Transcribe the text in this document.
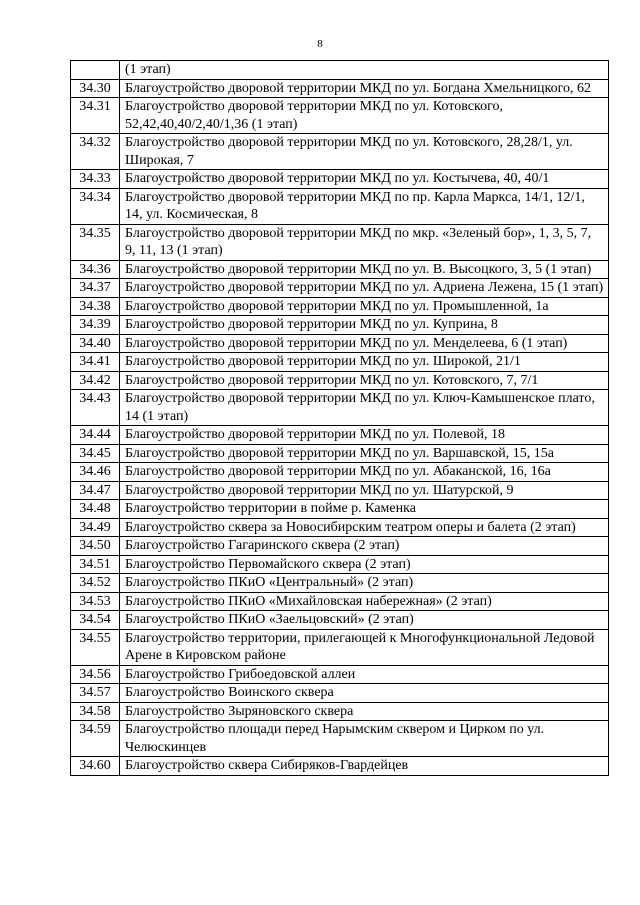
8
	(1 этап)
34.30	Благоустройство дворовой территории МКД по ул. Богдана Хмельницкого, 62
34.31	Благоустройство дворовой территории МКД по ул. Котовского, 52,42,40,40/2,40/1,36 (1 этап)
34.32	Благоустройство дворовой территории МКД по ул. Котовского, 28,28/1, ул. Широкая, 7
34.33	Благоустройство дворовой территории МКД по ул. Костычева, 40, 40/1
34.34	Благоустройство дворовой территории МКД по пр. Карла Маркса, 14/1, 12/1, 14, ул. Космическая, 8
34.35	Благоустройство дворовой территории МКД по мкр. «Зеленый бор», 1, 3, 5, 7, 9, 11, 13 (1 этап)
34.36	Благоустройство дворовой территории МКД по ул. В. Высоцкого, 3, 5 (1 этап)
34.37	Благоустройство дворовой территории МКД по ул. Адриена Лежена, 15 (1 этап)
34.38	Благоустройство дворовой территории МКД по ул. Промышленной, 1а
34.39	Благоустройство дворовой территории МКД по ул. Куприна, 8
34.40	Благоустройство дворовой территории МКД по ул. Менделеева, 6 (1 этап)
34.41	Благоустройство дворовой территории МКД по ул. Широкой, 21/1
34.42	Благоустройство дворовой территории МКД по ул. Котовского, 7, 7/1
34.43	Благоустройство дворовой территории МКД по ул. Ключ-Камышенское плато, 14 (1 этап)
34.44	Благоустройство дворовой территории МКД по ул. Полевой, 18
34.45	Благоустройство дворовой территории МКД по ул. Варшавской, 15, 15а
34.46	Благоустройство дворовой территории МКД по ул. Абаканской, 16, 16а
34.47	Благоустройство дворовой территории МКД по ул. Шатурской, 9
34.48	Благоустройство территории в пойме р. Каменка
34.49	Благоустройство сквера за Новосибирским театром оперы и балета (2 этап)
34.50	Благоустройство Гагаринского сквера (2 этап)
34.51	Благоустройство Первомайского сквера (2 этап)
34.52	Благоустройство ПКиО «Центральный» (2 этап)
34.53	Благоустройство ПКиО «Михайловская набережная» (2 этап)
34.54	Благоустройство ПКиО «Заельцовский» (2 этап)
34.55	Благоустройство территории, прилегающей к Многофункциональной Ледовой Арене в Кировском районе
34.56	Благоустройство Грибоедовской аллеи
34.57	Благоустройство Воинского сквера
34.58	Благоустройство Зыряновского сквера
34.59	Благоустройство площади перед Нарымским сквером и Цирком по ул. Челюскинцев
34.60	Благоустройство сквера Сибиряков-Гвардейцев
